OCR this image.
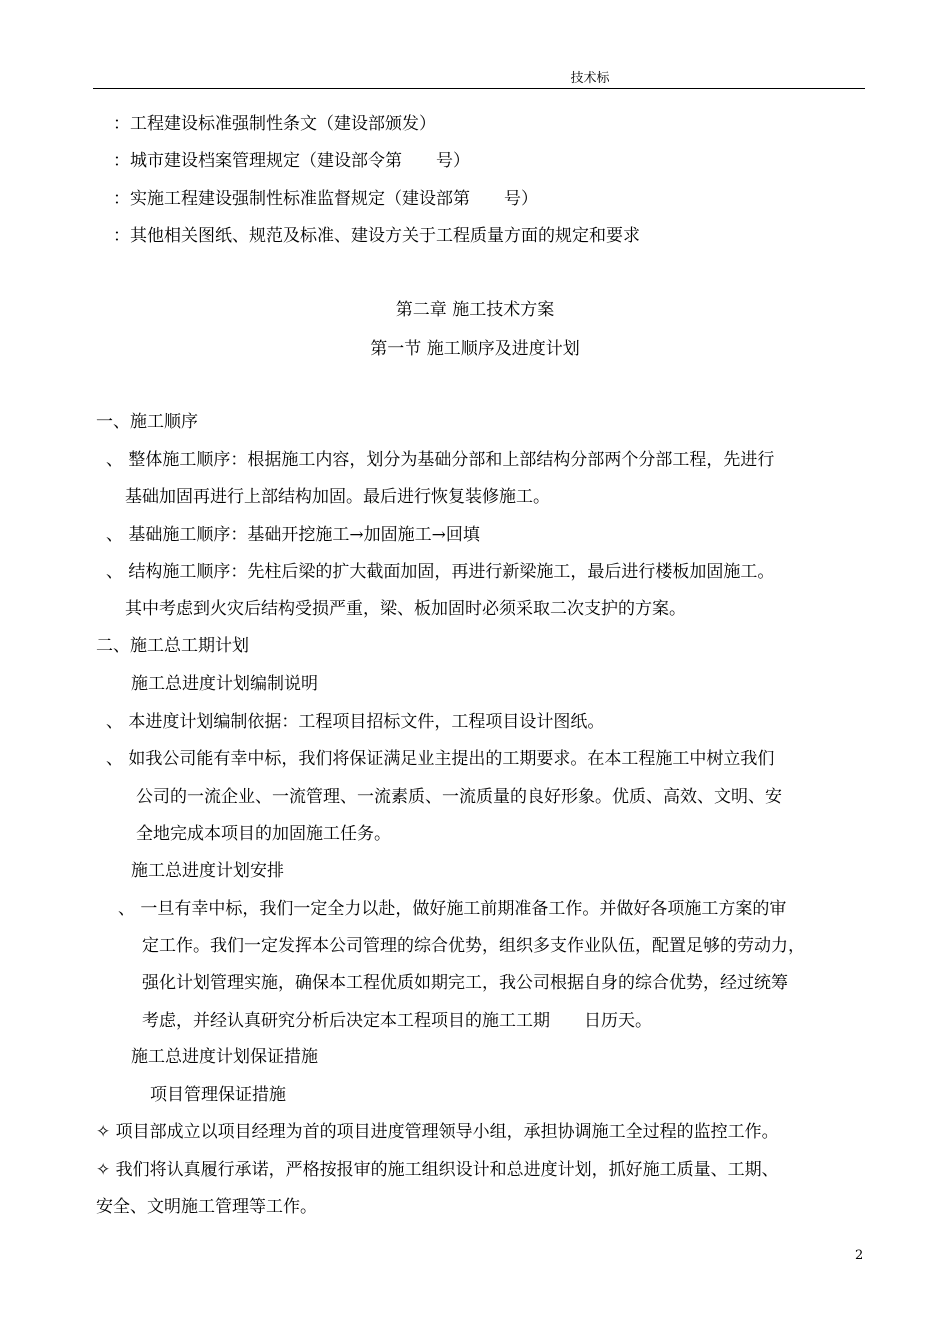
技术标
：工程建设标准强制性条文（建设部颁发）
：城市建设档案管理规定（建设部令第　　号）
：实施工程建设强制性标准监督规定（建设部第　　号）
：其他相关图纸、规范及标准、建设方关于工程质量方面的规定和要求
第二章 施工技术方案
第一节 施工顺序及进度计划
一、施工顺序
、 整体施工顺序：根据施工内容，划分为基础分部和上部结构分部两个分部工程，先进行
基础加固再进行上部结构加固。最后进行恢复装修施工。
、 基础施工顺序：基础开挖施工→加固施工→回填
、 结构施工顺序：先柱后梁的扩大截面加固，再进行新梁施工，最后进行楼板加固施工。
其中考虑到火灾后结构受损严重，梁、板加固时必须采取二次支护的方案。
二、施工总工期计划
施工总进度计划编制说明
、 本进度计划编制依据：工程项目招标文件，工程项目设计图纸。
、 如我公司能有幸中标，我们将保证满足业主提出的工期要求。在本工程施工中树立我们
公司的一流企业、一流管理、一流素质、一流质量的良好形象。优质、高效、文明、安
全地完成本项目的加固施工任务。
施工总进度计划安排
、 一旦有幸中标，我们一定全力以赴，做好施工前期准备工作。并做好各项施工方案的审
定工作。我们一定发挥本公司管理的综合优势，组织多支作业队伍，配置足够的劳动力，
强化计划管理实施，确保本工程优质如期完工，我公司根据自身的综合优势，经过统筹
考虑，并经认真研究分析后决定本工程项目的施工工期　　日历天。
施工总进度计划保证措施
项目管理保证措施
✧ 项目部成立以项目经理为首的项目进度管理领导小组，承担协调施工全过程的监控工作。
✧ 我们将认真履行承诺，严格按报审的施工组织设计和总进度计划，抓好施工质量、工期、
安全、文明施工管理等工作。
2
